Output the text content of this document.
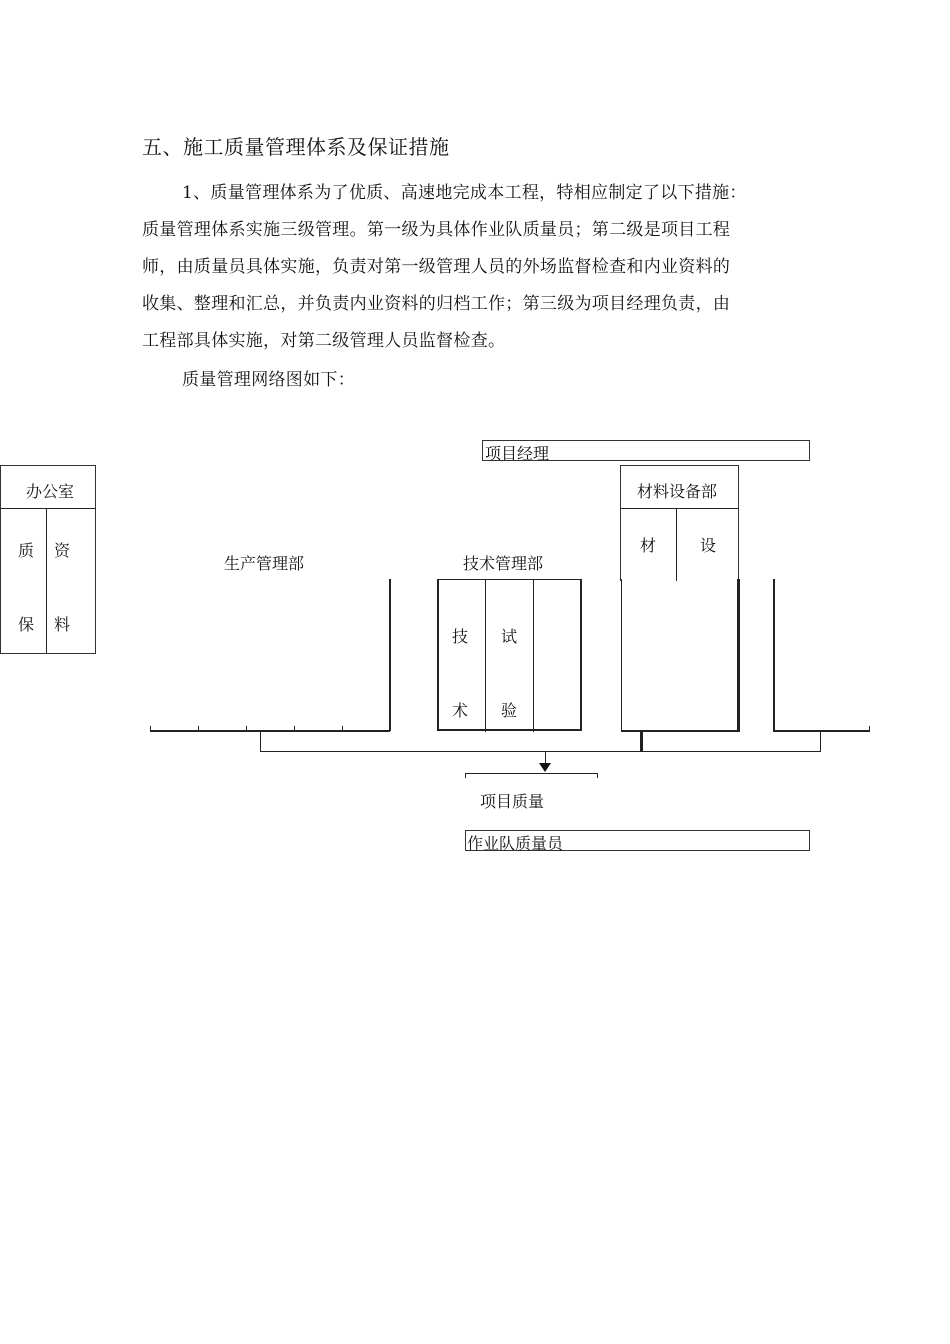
五、施工质量管理体系及保证措施
1、质量管理体系为了优质、高速地完成本工程，特相应制定了以下措施：
质量管理体系实施三级管理。第一级为具体作业队质量员；第二级是项目工程
师，由质量员具体实施，负责对第一级管理人员的外场监督检查和内业资料的
收集、整理和汇总，并负责内业资料的归档工作；第三级为项目经理负责，由
工程部具体实施，对第二级管理人员监督检查。
质量管理网络图如下：
项目经理
办公室
质
保
资
料
材料设备部
材	设
生产管理部	技术管理部
技
术
试
验
项目质量
作业队质量员
